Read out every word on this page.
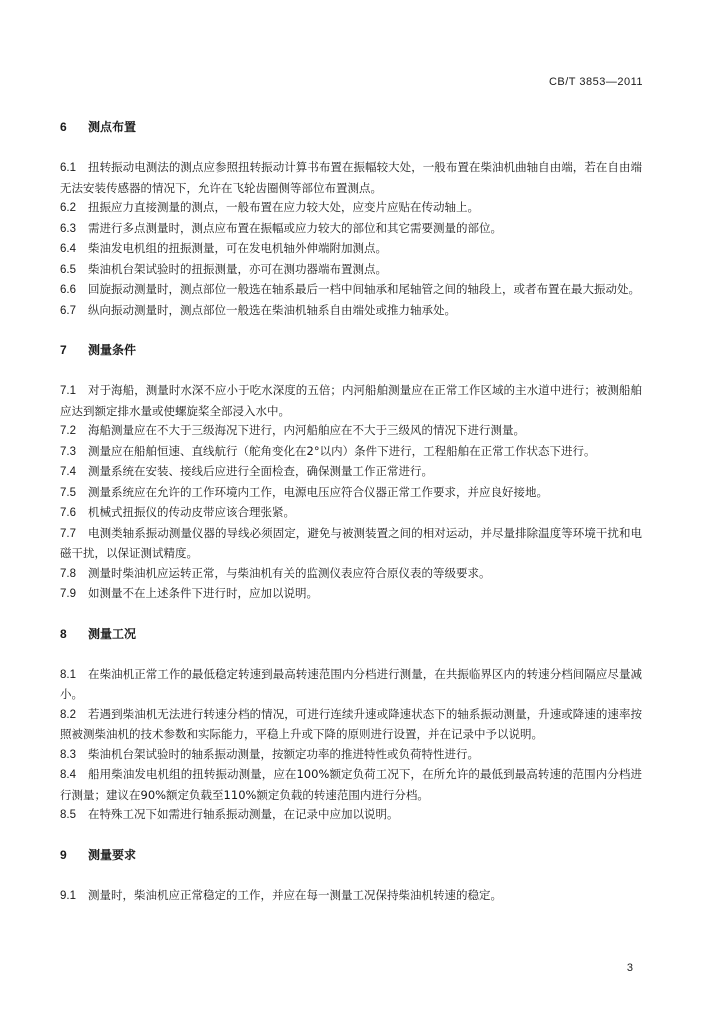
CB/T 3853—2011

6 测点布置

6.1 扭转振动电测法的测点应参照扭转振动计算书布置在振幅较大处，一般布置在柴油机曲轴自由端，若在自由端无法安装传感器的情况下，允许在飞轮齿圈侧等部位布置测点。

6.2 扭振应力直接测量的测点，一般布置在应力较大处，应变片应贴在传动轴上。

6.3 需进行多点测量时，测点应布置在振幅或应力较大的部位和其它需要测量的部位。

6.4 柴油发电机组的扭振测量，可在发电机轴外伸端附加测点。

6.5 柴油机台架试验时的扭振测量，亦可在测功器端布置测点。

6.6 回旋振动测量时，测点部位一般选在轴系最后一档中间轴承和尾轴管之间的轴段上，或者布置在最大振动处。

6.7 纵向振动测量时，测点部位一般选在柴油机轴系自由端处或推力轴承处。

7 测量条件

7.1 对于海船，测量时水深不应小于吃水深度的五倍；内河船舶测量应在正常工作区域的主水道中进行；被测船舶应达到额定排水量或使螺旋桨全部浸入水中。

7.2 海船测量应在不大于三级海况下进行，内河船舶应在不大于三级风的情况下进行测量。

7.3 测量应在船舶恒速、直线航行（舵角变化在2°以内）条件下进行，工程船舶在正常工作状态下进行。

7.4 测量系统在安装、接线后应进行全面检查，确保测量工作正常进行。

7.5 测量系统应在允许的工作环境内工作，电源电压应符合仪器正常工作要求，并应良好接地。

7.6 机械式扭振仪的传动皮带应该合理张紧。

7.7 电测类轴系振动测量仪器的导线必须固定，避免与被测装置之间的相对运动，并尽量排除温度等环境干扰和电磁干扰，以保证测试精度。

7.8 测量时柴油机应运转正常，与柴油机有关的监测仪表应符合原仪表的等级要求。

7.9 如测量不在上述条件下进行时，应加以说明。

8 测量工况

8.1 在柴油机正常工作的最低稳定转速到最高转速范围内分档进行测量，在共振临界区内的转速分档间隔应尽量减小。

8.2 若遇到柴油机无法进行转速分档的情况，可进行连续升速或降速状态下的轴系振动测量，升速或降速的速率按照被测柴油机的技术参数和实际能力，平稳上升或下降的原则进行设置，并在记录中予以说明。

8.3 柴油机台架试验时的轴系振动测量，按额定功率的推进特性或负荷特性进行。

8.4 船用柴油发电机组的扭转振动测量，应在100%额定负荷工况下，在所允许的最低到最高转速的范围内分档进行测量；建议在90%额定负载至110%额定负载的转速范围内进行分档。

8.5 在特殊工况下如需进行轴系振动测量，在记录中应加以说明。

9 测量要求

9.1 测量时，柴油机应正常稳定的工作，并应在每一测量工况保持柴油机转速的稳定。

3
